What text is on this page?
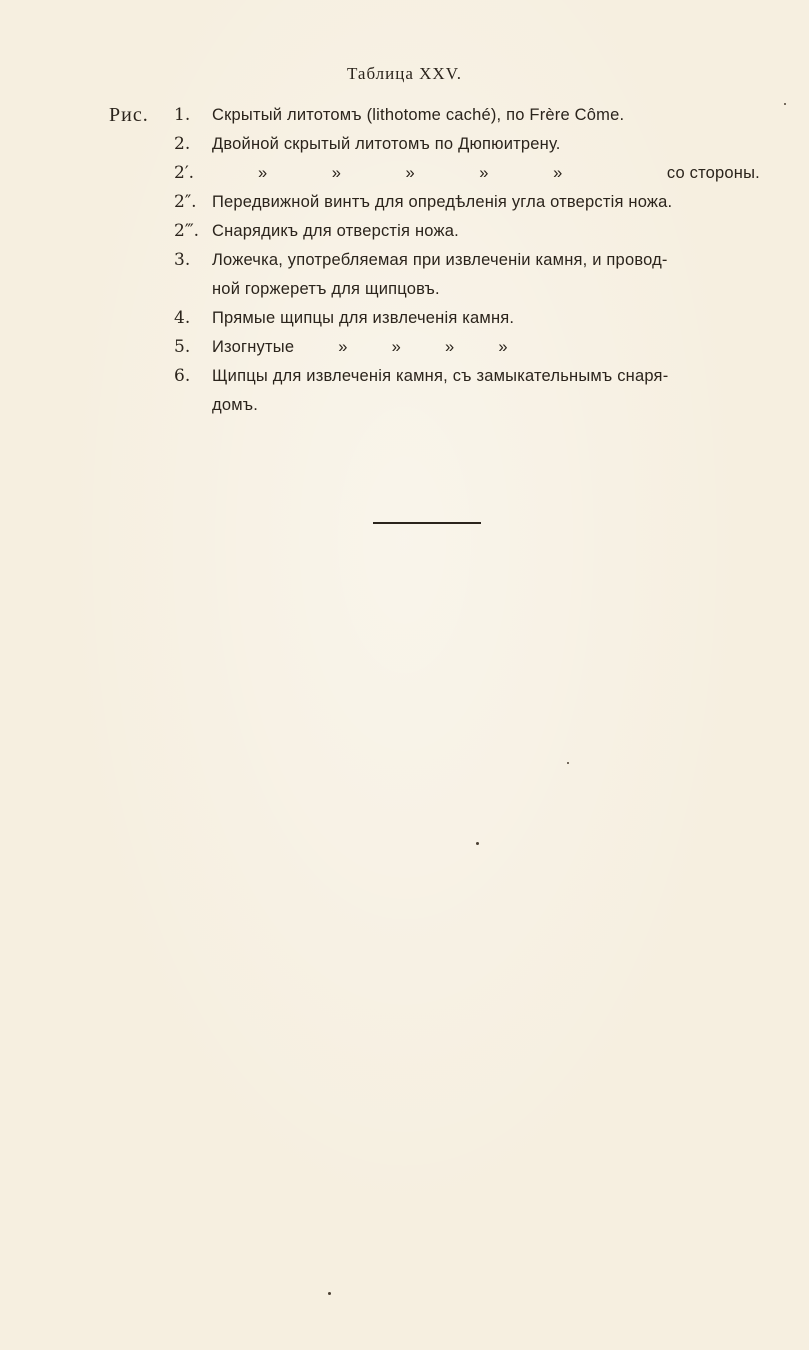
Таблица XXV.
Рис.	1.	Скрытый литотомъ (lithotome caché), по Frère Côme.
2.	Двойной скрытый литотомъ по Дюпюитрену.
2′.	»	»	»	»	»	со стороны.
2″. Передвижной винтъ для опредѣленія угла отверстія ножа.
2‴. Снарядикъ для отверстія ножа.
3.	Ложечка, употребляемая при извлеченіи камня, и провод-
ной горжеретъ для щипцовъ.
4.	Прямые щипцы для извлеченія камня.
5.	Изогнутые	»	»	»	»
6.	Щипцы для извлеченія камня, съ замыкательнымъ снаря-
домъ.
